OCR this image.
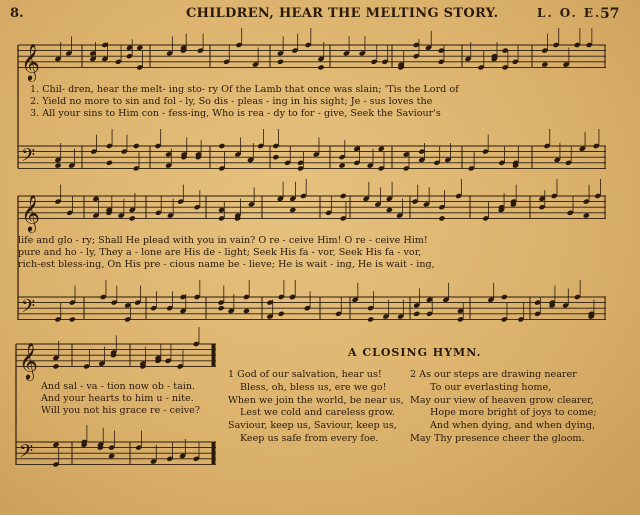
8.	CHILDREN, HEAR THE MELTING STORY.	L. O. E.
57
𝄞
𝄢
𝄞
𝄢
𝄞
𝄢
1. Chil- dren, hear the melt- ing sto- ry Of the Lamb that once was slain; 'Tis the Lord of
2. Yield no more to sin and fol - ly, So dis - pleas - ing in his sight; Je - sus loves the
3. All your sins to Him con - fess-ing, Who is rea - dy to for - give, Seek the Saviour's
life and glo - ry; Shall He plead with you in vain? O re - ceive Him! O re - ceive Him!
pure and ho - ly, They a - lone are His de - light; Seek His fa - vor, Seek His fa - vor,
rich-est bless-ing, On His pre - cious name be - lieve; He is wait - ing, He is wait - ing,
And sal - va - tion now ob - tain.
And your hearts to him u - nite.
Will you not his grace re - ceive?
A CLOSING HYMN.
1 God of our salvation, hear us!
Bless, oh, bless us, ere we go!
When we join the world, be near us,
Lest we cold and careless grow.
Saviour, keep us, Saviour, keep us,
Keep us safe from every foe.
2 As our steps are drawing nearer
To our everlasting home,
May our view of heaven grow clearer,
Hope more bright of joys to come;
And when dying, and when dying,
May Thy presence cheer the gloom.
